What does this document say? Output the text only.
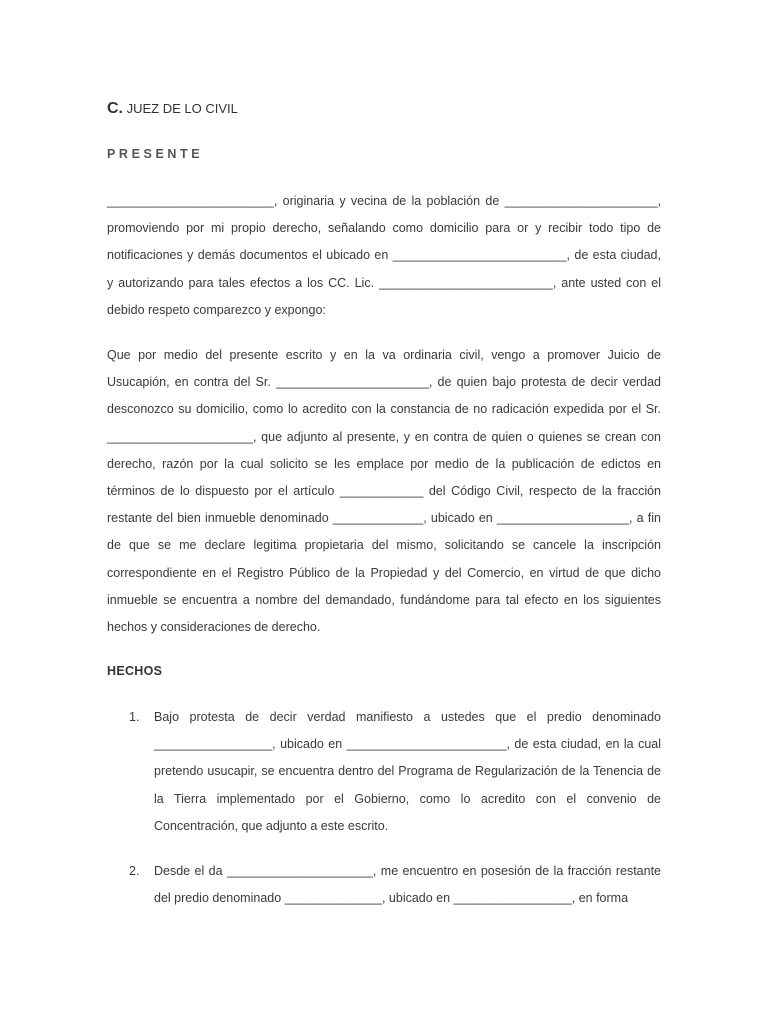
C. JUEZ DE LO CIVIL
PRESENTE

________________________, originaria y vecina de la población de ______________________, promoviendo por mi propio derecho, señalando como domicilio para or y recibir todo tipo de notificaciones y demás documentos el ubicado en _________________________, de esta ciudad, y autorizando para tales efectos a los CC. Lic. _________________________, ante usted con el debido respeto comparezco y expongo:

Que por medio del presente escrito y en la va ordinaria civil, vengo a promover Juicio de Usucapión, en contra del Sr. ______________________, de quien bajo protesta de decir verdad desconozco su domicilio, como lo acredito con la constancia de no radicación expedida por el Sr. _____________________, que adjunto al presente, y en contra de quien o quienes se crean con derecho, razón por la cual solicito se les emplace por medio de la publicación de edictos en términos de lo dispuesto por el artículo ____________ del Código Civil, respecto de la fracción restante del bien inmueble denominado _____________, ubicado en ___________________, a fin de que se me declare legitima propietaria del mismo, solicitando se cancele la inscripción correspondiente en el Registro Público de la Propiedad y del Comercio, en virtud de que dicho inmueble se encuentra a nombre del demandado, fundándome para tal efecto en los siguientes hechos y consideraciones de derecho.

HECHOS
1. Bajo protesta de decir verdad manifiesto a ustedes que el predio denominado _________________, ubicado en _______________________, de esta ciudad, en la cual pretendo usucapir, se encuentra dentro del Programa de Regularización de la Tenencia de la Tierra implementado por el Gobierno, como lo acredito con el convenio de Concentración, que adjunto a este escrito.

2. Desde el da _____________________, me encuentro en posesión de la fracción restante del predio denominado ______________, ubicado en _________________, en forma
